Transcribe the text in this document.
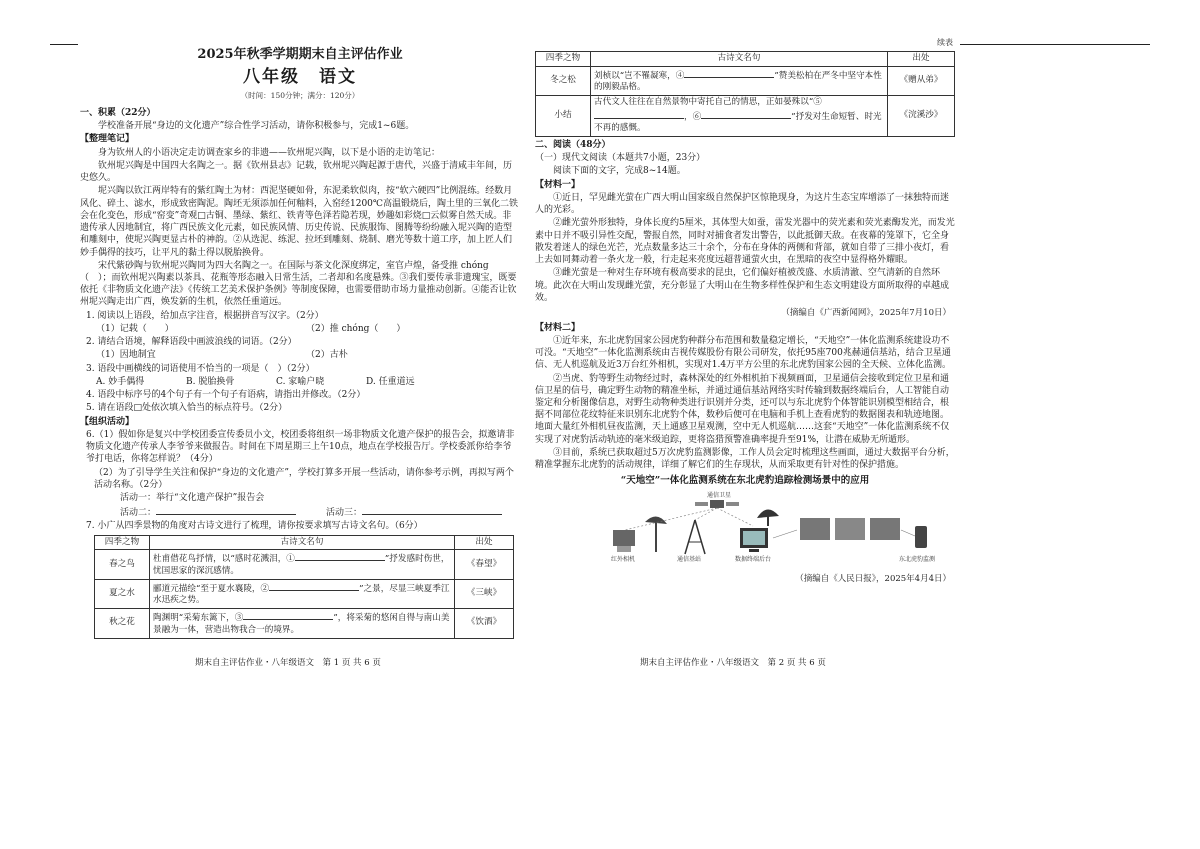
2025年秋季学期期末自主评估作业
八年级　语文
（时间：150分钟；满分：120分）
一、积累（22分）

学校准备开展“身边的文化遗产”综合性学习活动，请你积极参与，完成1~6题。

【整理笔记】

身为钦州人的小语决定走访调查家乡的非遗——钦州坭兴陶，以下是小语的走访笔记：

钦州坭兴陶是中国四大名陶之一。据《钦州县志》记载，钦州坭兴陶起源于唐代，兴盛于清咸丰年间，历史悠久。

坭兴陶以钦江两岸特有的紫红陶土为材：西泥坚硬如骨，东泥柔软似肉，按“软六硬四”比例混练。经数月风化、碎土、滤水，形成致密陶泥。陶坯无须添加任何釉料，入窑经1200℃高温锻烧后，陶土里的三氧化二铁会在化变色，形成“窑变”奇观□古铜、墨绿、紫红、铁青等色泽若隐若现，妙趣如彩烧□云似雾自然天成。非遗传承人因地制宜，将广西民族文化元素，如民族风情、历史传说、民族服饰、图腾等纷纷融入坭兴陶的造型和雕刻中，使坭兴陶更显古朴的神韵。②从选泥、练泥、拉坯到雕刻、烧制、磨光等数十道工序，加上匠人们妙手偶得的技巧，让平凡的黏土得以脱胎换骨。

宋代紫砂陶与钦州坭兴陶同为四大名陶之一。在国际与茶文化深度绑定，室官卢煌，备受推 chóng（　）；而钦州坭兴陶素以茶具、花瓶等形态融入日常生活，二者却和名度悬殊。③我们要传承非遗瑰宝，既要依托《非物质文化遗产法》《传统工艺美术保护条例》等制度保障，也需要借助市场力量推动创新。④能否让钦州坭兴陶走出广西，焕发新的生机，依然任重道远。

1. 阅读以上语段，给加点字注音，根据拼音写汉字。（2分）
（1）记载（　　）	（2）推 chóng（　　）
2. 请结合语境，解释语段中画波浪线的词语。（2分）
（1）因地制宜	（2）古朴
3. 语段中画横线的词语使用不恰当的一项是（　）（2分）
A. 妙手偶得	B. 脱胎换骨	C. 家喻户晓	D. 任重道远
4. 语段中标序号的4个句子有一个句子有语病，请指出并修改。（2分）
5. 请在语段□处依次填入恰当的标点符号。（2分）
【组织活动】
6.（1）假如你是复兴中学校团委宣传委员小文，校团委将组织一场非物质文化遗产保护的报告会，拟邀请非物质文化遗产传承人李爷爷来做报告。时间在下周星期三上午10点，地点在学校报告厅。学校委派你给李爷爷打电话，你将怎样说？（4分）
（2）为了引导学生关注和保护“身边的文化遗产”，学校打算多开展一些活动，请你参考示例，再拟写两个活动名称。（2分）
活动一：举行“文化遗产保护”报告会
活动二：	活动三：
7. 小广从四季景物的角度对古诗文进行了梳理，请你按要求填写古诗文名句。（6分）
四季之物	古诗文名句	出处
春之鸟	杜甫借花鸟抒情，以“感时花溅泪，① ”抒发感时伤世，忧国思家的深沉感情。	《春望》
夏之水	郦道元描绘“至于夏水襄陵，② ”之景，尽显三峡夏季江水迅疾之势。	《三峡》
秋之花	陶渊明“采菊东篱下，③ ”，将采菊的悠闲自得与南山美景融为一体，营造出物我合一的境界。	《饮酒》
期末自主评估作业・八年级语文　第 1 页 共 6 页
续表
四季之物	古诗文名句	出处
冬之松	刘桢以“岂不罹凝寒，④ ”赞美松柏在严冬中坚守本性的刚毅品格。	《赠从弟》
小结	古代文人往往在自然景物中寄托自己的情思，正如晏殊以“⑤，⑥ ”抒发对生命短暂、时光不再的感慨。	《浣溪沙》
二、阅读（48分）
（一）现代文阅读（本题共7小题，23分）

阅读下面的文字，完成8~14题。

【材料一】

①近日，罕见雌光萤在广西大明山国家级自然保护区惊艳现身，为这片生态宝库增添了一抹独特而迷人的光彩。

②雌光萤外形独特，身体长度约5厘米，其体型大如蚕，雷发光器中的荧光素和荧光素酶发光，而发光素中日并不吸引异性交配，警报自然，同时对捕食者发出警告，以此抵御天敌。在夜幕的笼罩下，它全身散发着迷人的绿色光芒，光点数量多达三十余个，分布在身体的两侧和背部，就如自带了三排小夜灯，看上去如同舞动着一条火龙一般，行走起来亮度远超普通萤火虫，在黑暗的夜空中显得格外耀眼。

③雌光萤是一种对生存环境有极高要求的昆虫，它们偏好植被茂盛、水质清澈、空气清新的自然环境。此次在大明山发现雌光萤，充分彰显了大明山在生物多样性保护和生态文明建设方面所取得的卓越成效。

（摘编自《广西新闻网》，2025年7月10日）
【材料二】

①近年来，东北虎豹国家公园虎豹种群分布范围和数量稳定增长，“天地空”一体化监测系统建设功不可没。“天地空”一体化监测系统由吉视传媒股份有限公司研发，依托95座700兆赫通信基站，结合卫星通信、无人机巡航及近3万台红外相机，实现对1.4万平方公里的东北虎豹国家公园的全天候、立体化监测。

②当虎、豹等野生动物经过时，森林深处的红外相机拍下视频画面，卫星通信会接收到定位卫星和通信卫星的信号，确定野生动物的精准坐标，并通过通信基站网络实时传输到数据终端后台，人工智能自动鉴定和分析图像信息，对野生动物种类进行识别并分类，还可以与东北虎豹个体智能识别模型相结合，根据不同部位花纹特征来识别东北虎豹个体，数秒后便可在电脑和手机上查看虎豹的数据图表和轨迹地图。地面大量红外相机昼夜监测，天上通感卫星观测，空中无人机巡航……这套“天地空”一体化监测系统不仅实现了对虎豹活动轨迹的毫米级追踪，更将盗猎预警准确率提升至91%，让潜在威胁无所遁形。

③目前，系统已获取超过5万次虎豹监测影像，工作人员会定时梳理这些画面，通过大数据平台分析，精准掌握东北虎豹的活动规律，详细了解它们的生存现状，从而采取更有针对性的保护措施。

“天地空”一体化监测系统在东北虎豹追踪检测场景中的应用
通信卫星
红外相机	通信基站	数据终端后台	东北虎豹监测
（摘编自《人民日报》，2025年4月4日）
期末自主评估作业・八年级语文　第 2 页 共 6 页
